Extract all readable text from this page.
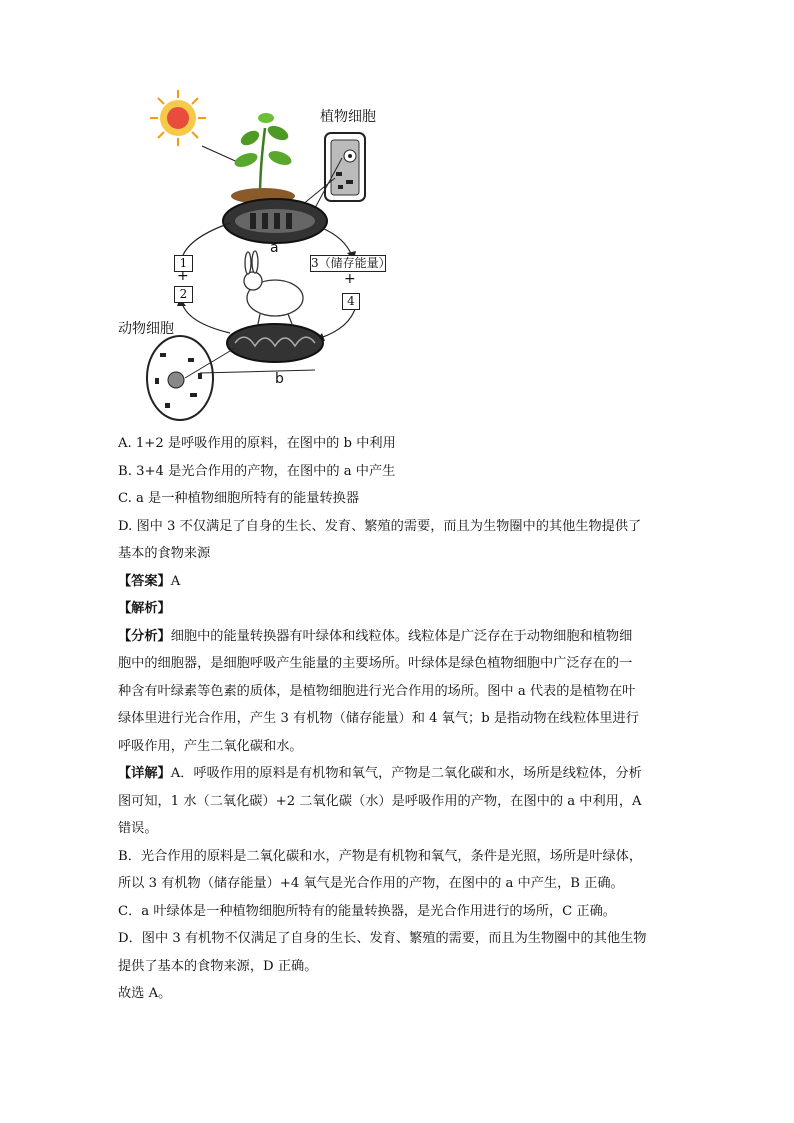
植物细胞
动物细胞
a
b
1
+
2
3（储存能量）
+
4
A. 1+2 是呼吸作用的原料，在图中的 b 中利用
B. 3+4 是光合作用的产物，在图中的 a 中产生
C. a 是一种植物细胞所特有的能量转换器
D. 图中 3 不仅满足了自身的生长、发育、繁殖的需要，而且为生物圈中的其他生物提供了
基本的食物来源
【答案】A
【解析】
【分析】细胞中的能量转换器有叶绿体和线粒体。线粒体是广泛存在于动物细胞和植物细
胞中的细胞器，是细胞呼吸产生能量的主要场所。叶绿体是绿色植物细胞中广泛存在的一
种含有叶绿素等色素的质体，是植物细胞进行光合作用的场所。图中 a 代表的是植物在叶
绿体里进行光合作用，产生 3 有机物（储存能量）和 4 氧气；b 是指动物在线粒体里进行
呼吸作用，产生二氧化碳和水。
【详解】A．呼吸作用的原料是有机物和氧气，产物是二氧化碳和水，场所是线粒体，分析
图可知，1 水（二氧化碳）+2 二氧化碳（水）是呼吸作用的产物，在图中的 a 中利用，A
错误。
B．光合作用的原料是二氧化碳和水，产物是有机物和氧气，条件是光照，场所是叶绿体，
所以 3 有机物（储存能量）+4 氧气是光合作用的产物，在图中的 a 中产生，B 正确。
C．a 叶绿体是一种植物细胞所特有的能量转换器，是光合作用进行的场所，C 正确。
D．图中 3 有机物不仅满足了自身的生长、发育、繁殖的需要，而且为生物圈中的其他生物
提供了基本的食物来源，D 正确。
故选 A。
